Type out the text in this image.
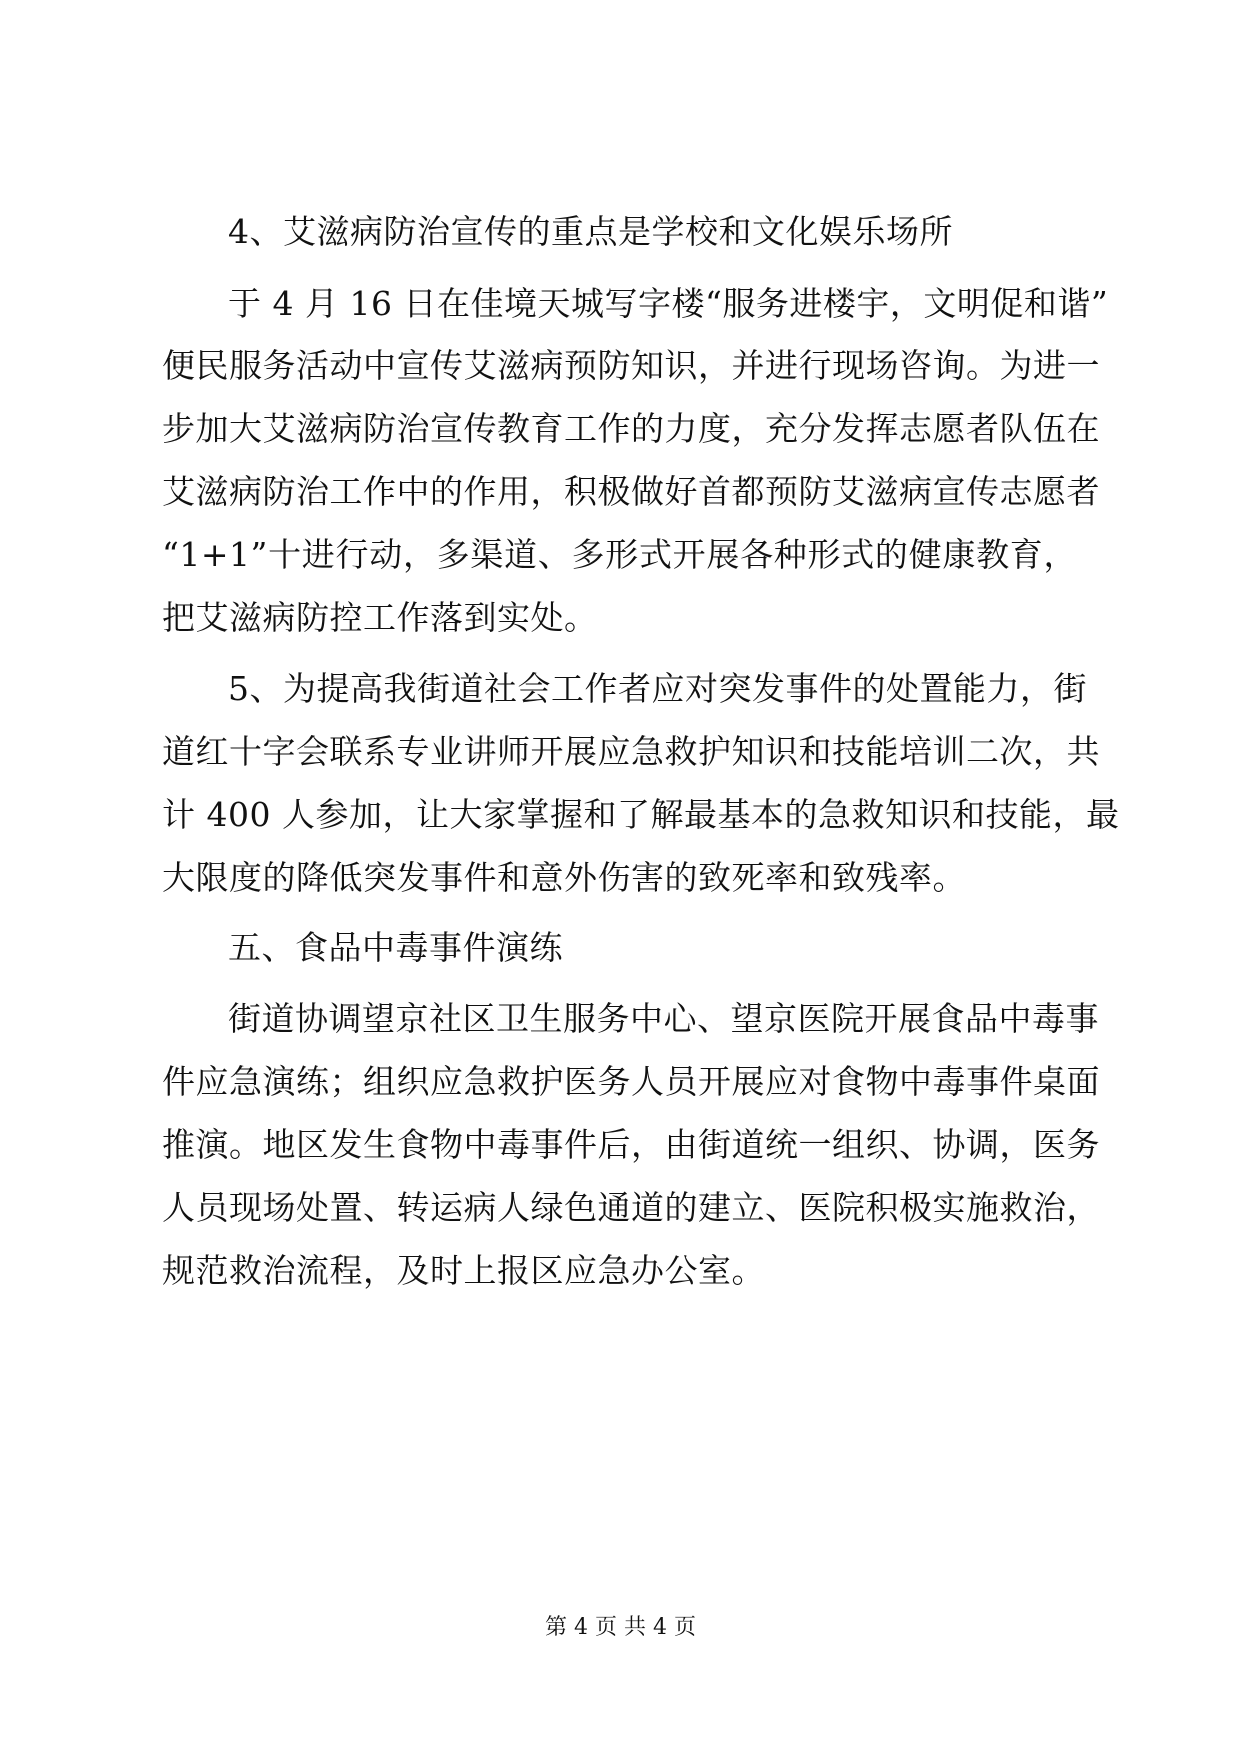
4、艾滋病防治宣传的重点是学校和文化娱乐场所
于 4 月 16 日在佳境天城写字楼“服务进楼宇，文明促和谐”
便民服务活动中宣传艾滋病预防知识，并进行现场咨询。为进一
步加大艾滋病防治宣传教育工作的力度，充分发挥志愿者队伍在
艾滋病防治工作中的作用，积极做好首都预防艾滋病宣传志愿者
“1+1”十进行动，多渠道、多形式开展各种形式的健康教育，
把艾滋病防控工作落到实处。
5、为提高我街道社会工作者应对突发事件的处置能力，街
道红十字会联系专业讲师开展应急救护知识和技能培训二次，共
计 400 人参加，让大家掌握和了解最基本的急救知识和技能，最
大限度的降低突发事件和意外伤害的致死率和致残率。
五、食品中毒事件演练
街道协调望京社区卫生服务中心、望京医院开展食品中毒事
件应急演练；组织应急救护医务人员开展应对食物中毒事件桌面
推演。地区发生食物中毒事件后，由街道统一组织、协调，医务
人员现场处置、转运病人绿色通道的建立、医院积极实施救治，
规范救治流程，及时上报区应急办公室。
第 4 页 共 4 页
